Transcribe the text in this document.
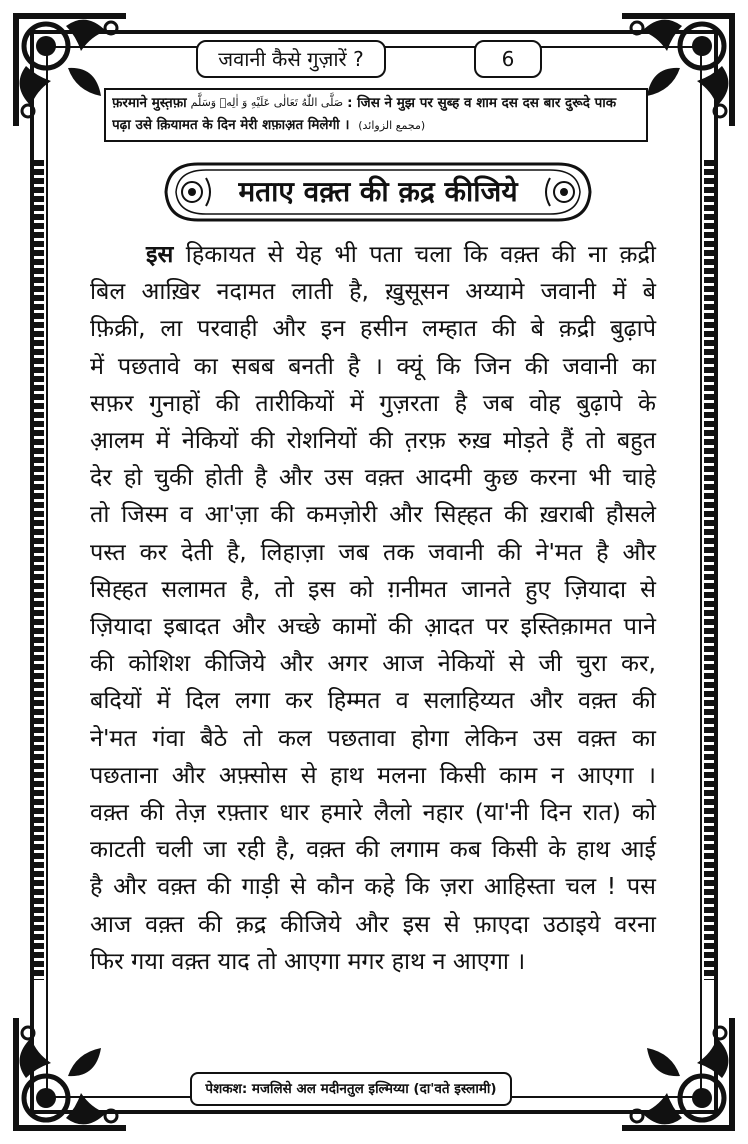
जवानी कैसे गुज़ारें ?	6
फ़रमाने मुस्त़फ़ा صَلَّى اللّٰهُ تَعَالٰى عَلَيْهِ وَ اٰلِهٖ وَسَلَّم : जिस ने मुझ पर सुब्ह व शाम दस दस बार दुरूदे पाक
पढ़ा उसे क़ियामत के दिन मेरी शफ़ाअ़त मिलेगी । (مجمع الزوائد)
मताए वक़्त की क़द्र कीजिये
इस हिकायत से येह भी पता चला कि वक़्त की ना क़द्री
बिल आख़िर नदामत लाती है, ख़ुसूसन अय्यामे जवानी में बे
फ़िक्री, ला परवाही और इन हसीन लम्हात की बे क़द्री बुढ़ापे
में पछतावे का सबब बनती है । क्यूं कि जिन की जवानी का
सफ़र गुनाहों की तारीकियों में गुज़रता है जब वोह बुढ़ापे के
आ़लम में नेकियों की रोशनियों की त़रफ़ रुख़ मोड़ते हैं तो बहुत
देर हो चुकी होती है और उस वक़्त आदमी कुछ करना भी चाहे
तो जिस्म व आ'ज़ा की कमज़ोरी और सिह्हत की ख़राबी हौसले
पस्त कर देती है, लिहाज़ा जब तक जवानी की ने'मत है और
सिह्हत सलामत है, तो इस को ग़नीमत जानते हुए ज़ियादा से
ज़ियादा इबादत और अच्छे कामों की आ़दत पर इस्तिक़ामत पाने
की कोशिश कीजिये और अगर आज नेकियों से जी चुरा कर,
बदियों में दिल लगा कर हिम्मत व सलाहिय्यत और वक़्त की
ने'मत गंवा बैठे तो कल पछतावा होगा लेकिन उस वक़्त का
पछताना और अफ़्सोस से हाथ मलना किसी काम न आएगा ।
वक़्त की तेज़ रफ़्तार धार हमारे लैलो नहार (या'नी दिन रात) को
काटती चली जा रही है, वक़्त की लगाम कब किसी के हाथ आई
है और वक़्त की गाड़ी से कौन कहे कि ज़रा आहिस्ता चल ! पस
आज वक़्त की क़द्र कीजिये और इस से फ़ाएदा उठाइये वरना
फिर गया वक़्त याद तो आएगा मगर हाथ न आएगा ।
पेशकश: मजलिसे अल मदीनतुल इल्मिय्या (दा'वते इस्लामी)
